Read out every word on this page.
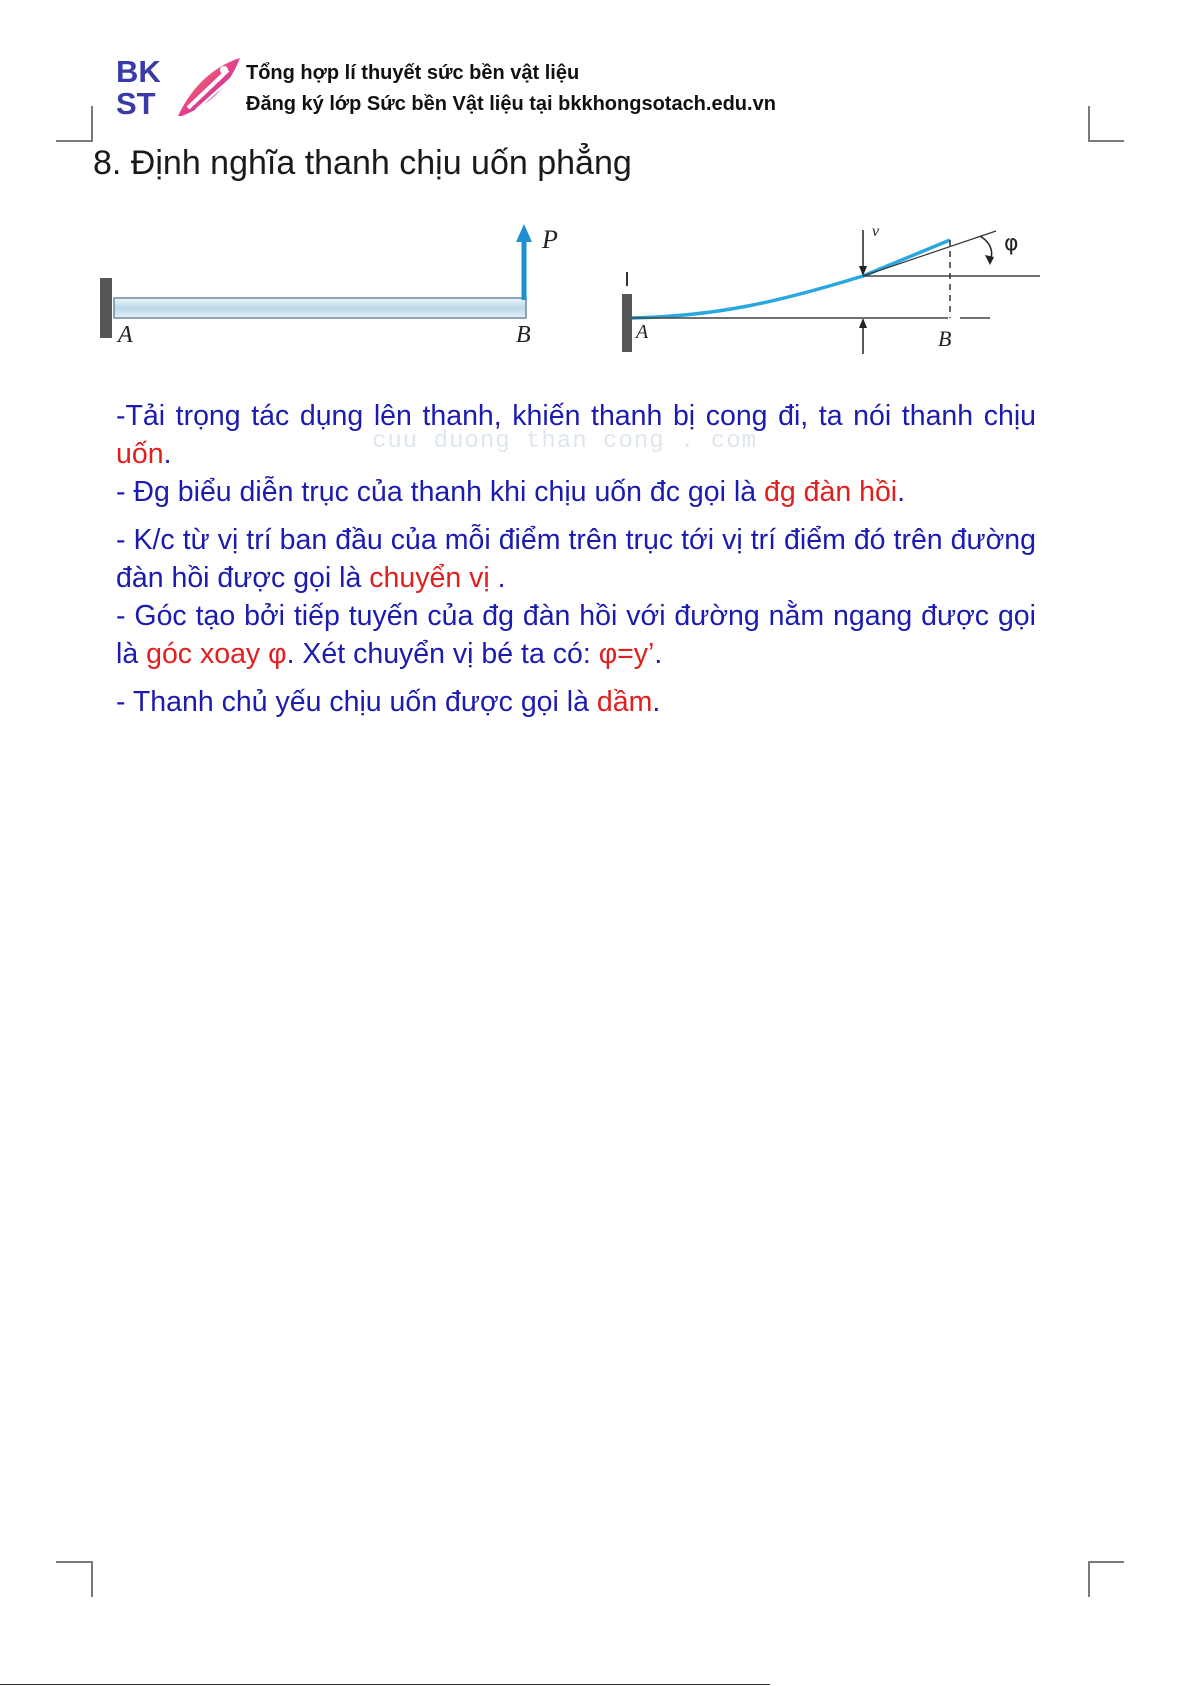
BK
ST
Tổng hợp lí thuyết sức bền vật liệu
Đăng ký lớp Sức bền Vật liệu tại bkkhongsotach.edu.vn
8. Định nghĩa thanh chịu uốn phẳng
P
A	B
v	φ
A	B
cuu duong than cong . com

-Tải trọng tác dụng lên thanh, khiến thanh bị cong đi, ta nói thanh chịu uốn.

- Đg biểu diễn trục của thanh khi chịu uốn đc gọi là đg đàn hồi.

- K/c từ vị trí ban đầu của mỗi điểm trên trục tới vị trí điểm đó trên đường đàn hồi được gọi là chuyển vị .

- Góc tạo bởi tiếp tuyến của đg đàn hồi với đường nằm ngang được gọi là góc xoay φ. Xét chuyển vị bé ta có: φ=y’.

- Thanh chủ yếu chịu uốn được gọi là dầm.
